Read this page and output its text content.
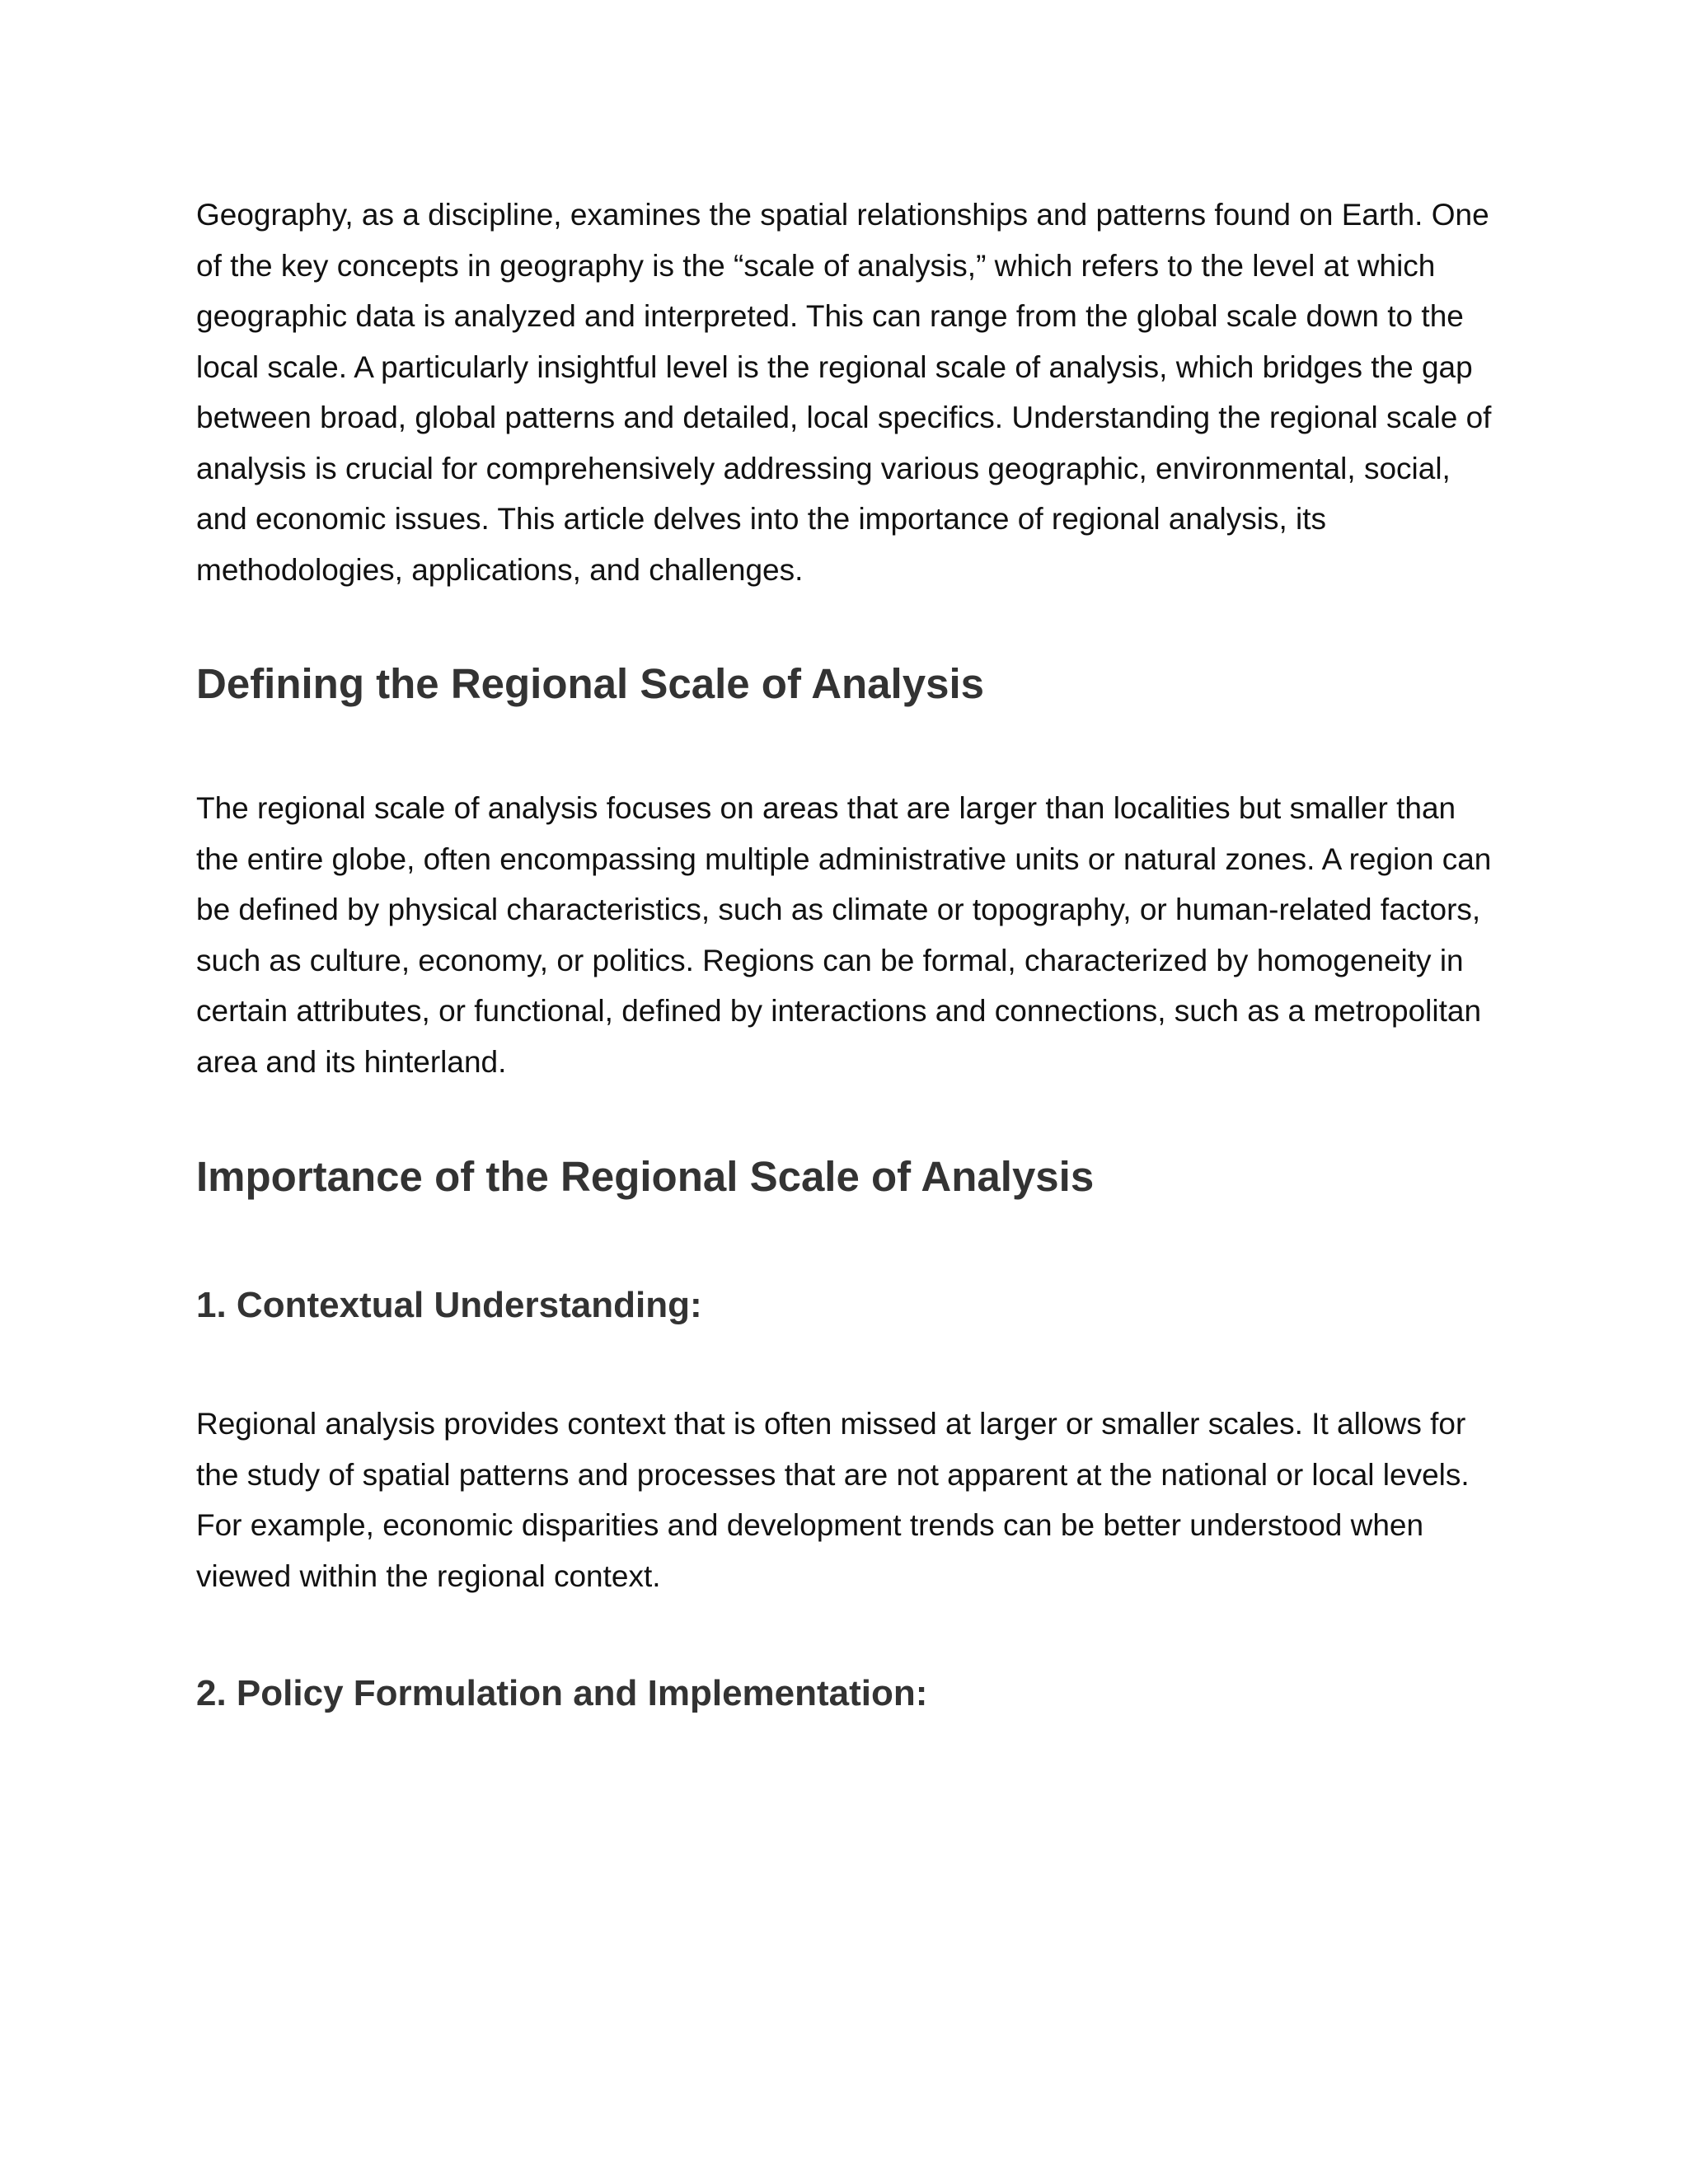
Geography, as a discipline, examines the spatial relationships and patterns found on Earth. One of the key concepts in geography is the “scale of analysis,” which refers to the level at which geographic data is analyzed and interpreted. This can range from the global scale down to the local scale. A particularly insightful level is the regional scale of analysis, which bridges the gap between broad, global patterns and detailed, local specifics. Understanding the regional scale of analysis is crucial for comprehensively addressing various geographic, environmental, social, and economic issues. This article delves into the importance of regional analysis, its methodologies, applications, and challenges.

Defining the Regional Scale of Analysis

The regional scale of analysis focuses on areas that are larger than localities but smaller than the entire globe, often encompassing multiple administrative units or natural zones. A region can be defined by physical characteristics, such as climate or topography, or human-related factors, such as culture, economy, or politics. Regions can be formal, characterized by homogeneity in certain attributes, or functional, defined by interactions and connections, such as a metropolitan area and its hinterland.

Importance of the Regional Scale of Analysis
1. Contextual Understanding:

Regional analysis provides context that is often missed at larger or smaller scales. It allows for the study of spatial patterns and processes that are not apparent at the national or local levels. For example, economic disparities and development trends can be better understood when viewed within the regional context.

2. Policy Formulation and Implementation:
